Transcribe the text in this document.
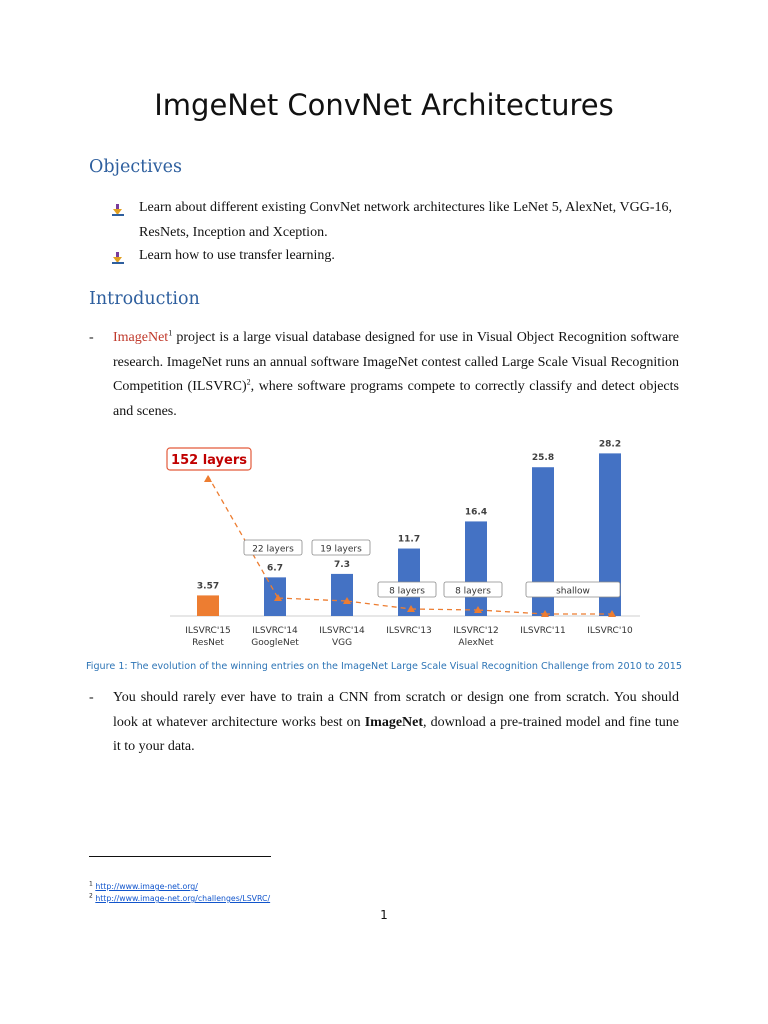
ImgeNet ConvNet Architectures
Objectives
Learn about different existing ConvNet network architectures like LeNet 5, AlexNet, VGG-16, ResNets, Inception and Xception.
Learn how to use transfer learning.
Introduction
-	ImageNet$^1$ project is a large visual database designed for use in Visual Object Recognition software research. ImageNet runs an annual software ImageNet contest called Large Scale Visual Recognition Competition (ILSVRC)$^2$, where software programs compete to correctly classify and detect objects and scenes.
3.57
6.7	7.3
11.7
16.4
25.8
28.2
ILSVRC'15
ResNet
ILSVRC'14
GoogleNet
ILSVRC'14
VGG
ILSVRC'13 ILSVRC'12
AlexNet
ILSVRC'11 ILSVRC'10
152 layers
22 layers	19 layers
8 layers	8 layers	shallow
Figure 1: The evolution of the winning entries on the ImageNet Large Scale Visual Recognition Challenge from 2010 to 2015
-	You should rarely ever have to train a CNN from scratch or design one from scratch. You should look at whatever architecture works best on ImageNet, download a pre-trained model and fine tune it to your data.
$^1$ http://www.image-net.org/
$^2$ http://www.image-net.org/challenges/LSVRC/
1
